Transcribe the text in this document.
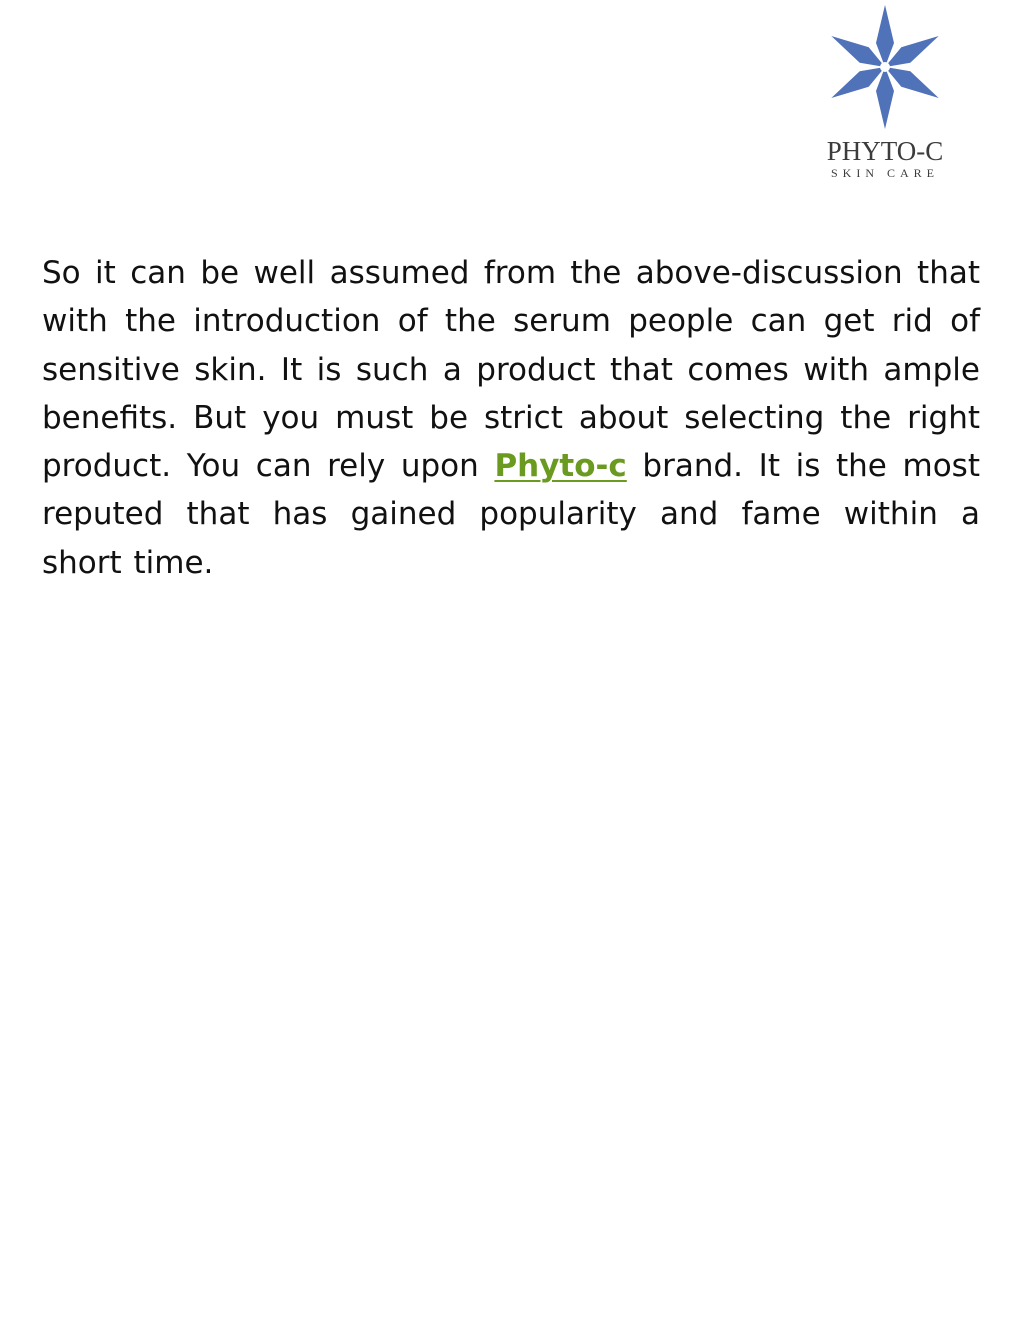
PHYTO-C
SKIN CARE

So it can be well assumed from the above-discussion that with the introduction of the serum people can get rid of sensitive skin. It is such a product that comes with ample benefits. But you must be strict about selecting the right product. You can rely upon Phyto-c brand. It is the most reputed that has gained popularity and fame within a short time.
